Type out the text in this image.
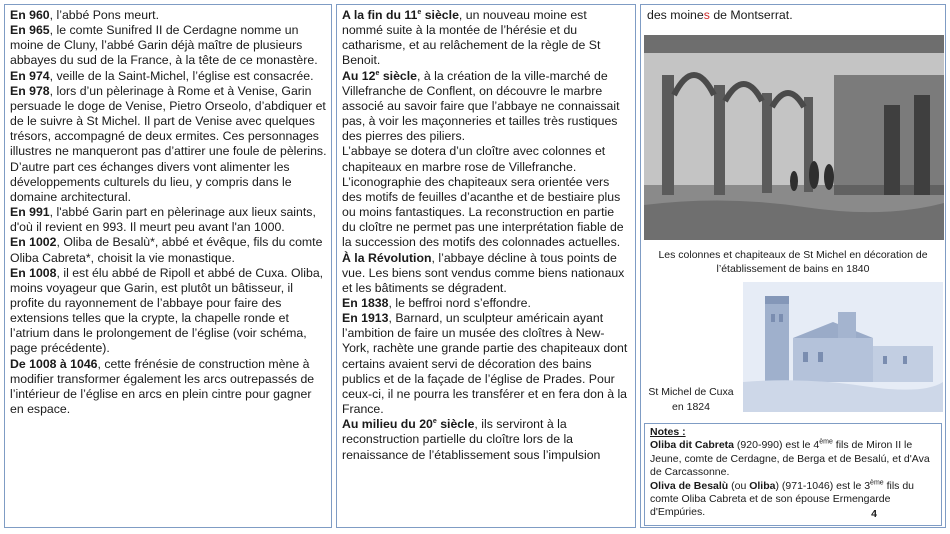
En 960, l’abbé Pons meurt.

En 965, le comte Sunifred II de Cerdagne nomme un moine de Cluny, l’abbé Garin déjà maître de plusieurs abbayes du sud de la France, à la tête de ce monastère.

En 974, veille de la Saint-Michel, l’église est consacrée.

En 978, lors d’un pèlerinage à Rome et à Venise, Garin persuade le doge de Venise, Pietro Orseolo, d’abdiquer et de le suivre à St Michel. Il part de Venise avec quelques trésors, accompagné de deux ermites. Ces personnages illustres ne manqueront pas d’attirer une foule de pèlerins.

D’autre part ces échanges divers vont alimenter les développements culturels du lieu, y compris dans le domaine architectural.

En 991, l'abbé Garin part en pèlerinage aux lieux saints, d'où il revient en 993. Il meurt peu avant l'an 1000.

En 1002, Oliba de Besalù*, abbé et évêque, fils du comte Oliba Cabreta*, choisit la vie monastique.

En 1008, il est élu abbé de Ripoll et abbé de Cuxa. Oliba, moins voyageur que Garin, est plutôt un bâtisseur, il profite du rayonnement de l’abbaye pour faire des extensions telles que la crypte, la chapelle ronde et l’atrium dans le prolongement de l’église (voir schéma, page précédente).

De 1008 à 1046, cette frénésie de construction mène à modifier transformer également les arcs outrepassés de l’intérieur de l’église en arcs en plein cintre pour gagner en espace.

A la fin du 11e siècle, un nouveau moine est nommé suite à la montée de l’hérésie et du catharisme, et au relâchement de la règle de St Benoit.

Au 12e siècle, à la création de la ville-marché de Villefranche de Conflent, on découvre le marbre associé au savoir faire que l’abbaye ne connaissait pas, à voir les maçonneries et tailles très rustiques des pierres des piliers.

L’abbaye se dotera d’un cloître avec colonnes et chapiteaux en marbre rose de Villefranche.

L’iconographie des chapiteaux sera orientée vers des motifs de feuilles d’acanthe et de bestiaire plus ou moins fantastiques. La reconstruction en partie du cloître ne permet pas une interprétation fiable de la succession des motifs des colonnades actuelles.

À la Révolution, l’abbaye décline à tous points de vue. Les biens sont vendus comme biens nationaux et les bâtiments se dégradent.

En 1838, le beffroi nord s’effondre.

En 1913, Barnard, un sculpteur américain ayant l’ambition de faire un musée des cloîtres à New-York, rachète une grande partie des chapiteaux dont certains avaient servi de décoration des bains publics et de la façade de l’église de Prades. Pour ceux-ci, il ne pourra les transférer et en fera don à la France.

Au milieu du 20e siècle, ils serviront à la reconstruction partielle du cloître lors de la renaissance de l’établissement sous l’impulsion

des moines de Montserrat.
Les colonnes et chapiteaux de St Michel en décoration de l’établissement de bains en 1840
St Michel de Cuxa
en 1824

Notes :

Oliba dit Cabreta (920-990) est le 4ème fils de Miron II le Jeune, comte de Cerdagne, de Berga et de Besalú, et d'Ava de Carcassonne.

Oliva de Besalù (ou Oliba) (971-1046) est le 3ème fils du comte Oliba Cabreta et de son épouse Ermengarde d'Empúries.	4
